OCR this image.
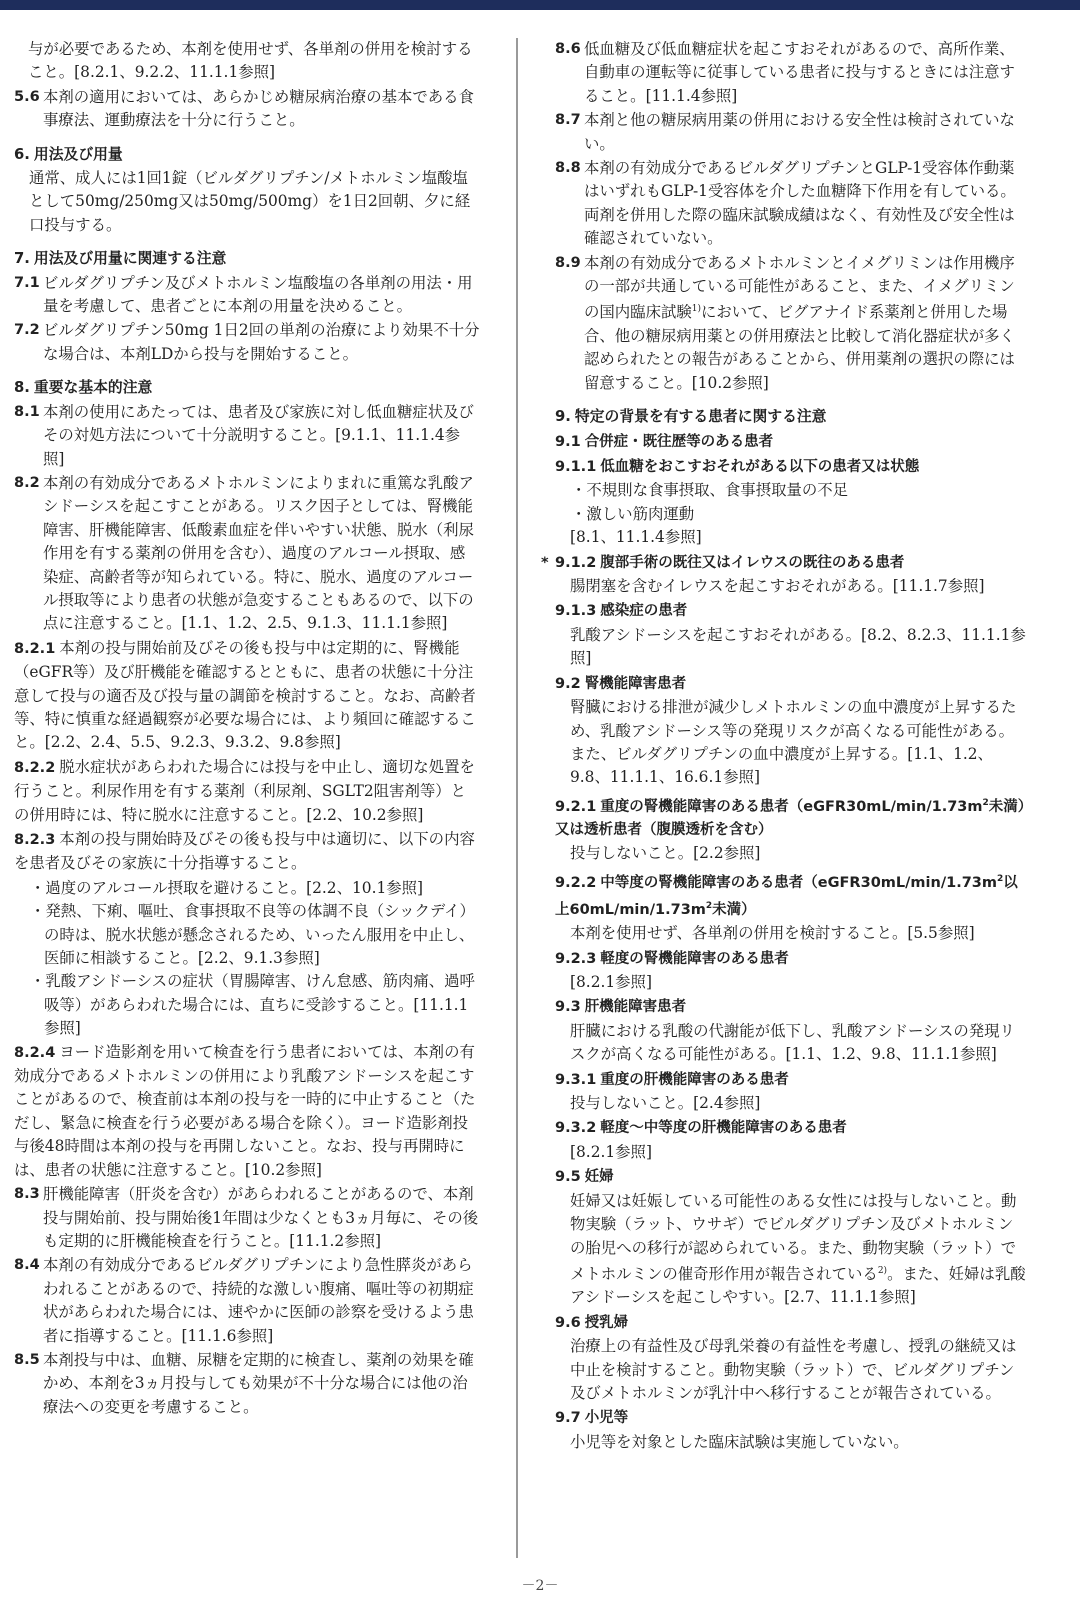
与が必要であるため、本剤を使用せず、各単剤の併用を検討すること。[8.2.1、9.2.2、11.1.1参照]
5.6 本剤の適用においては、あらかじめ糖尿病治療の基本である食事療法、運動療法を十分に行うこと。
6. 用法及び用量
通常、成人には1回1錠（ビルダグリプチン/メトホルミン塩酸塩として50mg/250mg又は50mg/500mg）を1日2回朝、夕に経口投与する。
7. 用法及び用量に関連する注意
7.1 ビルダグリプチン及びメトホルミン塩酸塩の各単剤の用法・用量を考慮して、患者ごとに本剤の用量を決めること。
7.2 ビルダグリプチン50mg 1日2回の単剤の治療により効果不十分な場合は、本剤LDから投与を開始すること。
8. 重要な基本的注意
8.1 本剤の使用にあたっては、患者及び家族に対し低血糖症状及びその対処方法について十分説明すること。[9.1.1、11.1.4参照]
8.2 本剤の有効成分であるメトホルミンによりまれに重篤な乳酸アシドーシスを起こすことがある。リスク因子としては、腎機能障害、肝機能障害、低酸素血症を伴いやすい状態、脱水（利尿作用を有する薬剤の併用を含む）、過度のアルコール摂取、感染症、高齢者等が知られている。特に、脱水、過度のアルコール摂取等により患者の状態が急変することもあるので、以下の点に注意すること。[1.1、1.2、2.5、9.1.3、11.1.1参照]
8.2.1 本剤の投与開始前及びその後も投与中は定期的に、腎機能（eGFR等）及び肝機能を確認するとともに、患者の状態に十分注意して投与の適否及び投与量の調節を検討すること。なお、高齢者等、特に慎重な経過観察が必要な場合には、より頻回に確認すること。[2.2、2.4、5.5、9.2.3、9.3.2、9.8参照]
8.2.2 脱水症状があらわれた場合には投与を中止し、適切な処置を行うこと。利尿作用を有する薬剤（利尿剤、SGLT2阻害剤等）との併用時には、特に脱水に注意すること。[2.2、10.2参照]
8.2.3 本剤の投与開始時及びその後も投与中は適切に、以下の内容を患者及びその家族に十分指導すること。
・過度のアルコール摂取を避けること。[2.2、10.1参照]
・発熱、下痢、嘔吐、食事摂取不良等の体調不良（シックデイ）の時は、脱水状態が懸念されるため、いったん服用を中止し、医師に相談すること。[2.2、9.1.3参照]
・乳酸アシドーシスの症状（胃腸障害、けん怠感、筋肉痛、過呼吸等）があらわれた場合には、直ちに受診すること。[11.1.1参照]
8.2.4 ヨード造影剤を用いて検査を行う患者においては、本剤の有効成分であるメトホルミンの併用により乳酸アシドーシスを起こすことがあるので、検査前は本剤の投与を一時的に中止すること（ただし、緊急に検査を行う必要がある場合を除く）。ヨード造影剤投与後48時間は本剤の投与を再開しないこと。なお、投与再開時には、患者の状態に注意すること。[10.2参照]
8.3 肝機能障害（肝炎を含む）があらわれることがあるので、本剤投与開始前、投与開始後1年間は少なくとも3ヵ月毎に、その後も定期的に肝機能検査を行うこと。[11.1.2参照]
8.4 本剤の有効成分であるビルダグリプチンにより急性膵炎があらわれることがあるので、持続的な激しい腹痛、嘔吐等の初期症状があらわれた場合には、速やかに医師の診察を受けるよう患者に指導すること。[11.1.6参照]
8.5 本剤投与中は、血糖、尿糖を定期的に検査し、薬剤の効果を確かめ、本剤を3ヵ月投与しても効果が不十分な場合には他の治療法への変更を考慮すること。
8.6 低血糖及び低血糖症状を起こすおそれがあるので、高所作業、自動車の運転等に従事している患者に投与するときには注意すること。[11.1.4参照]
8.7 本剤と他の糖尿病用薬の併用における安全性は検討されていない。
8.8 本剤の有効成分であるビルダグリプチンとGLP-1受容体作動薬はいずれもGLP-1受容体を介した血糖降下作用を有している。両剤を併用した際の臨床試験成績はなく、有効性及び安全性は確認されていない。
8.9 本剤の有効成分であるメトホルミンとイメグリミンは作用機序の一部が共通している可能性があること、また、イメグリミンの国内臨床試験$^{1)}$において、ビグアナイド系薬剤と併用した場合、他の糖尿病用薬との併用療法と比較して消化器症状が多く認められたとの報告があることから、併用薬剤の選択の際には留意すること。[10.2参照]
9. 特定の背景を有する患者に関する注意
9.1 合併症・既往歴等のある患者
9.1.1 低血糖をおこすおそれがある以下の患者又は状態
・不規則な食事摂取、食事摂取量の不足
・激しい筋肉運動
[8.1、11.1.4参照]
* 9.1.2 腹部手術の既往又はイレウスの既往のある患者
腸閉塞を含むイレウスを起こすおそれがある。[11.1.7参照]
9.1.3 感染症の患者
乳酸アシドーシスを起こすおそれがある。[8.2、8.2.3、11.1.1参照]
9.2 腎機能障害患者
腎臓における排泄が減少しメトホルミンの血中濃度が上昇するため、乳酸アシドーシス等の発現リスクが高くなる可能性がある。また、ビルダグリプチンの血中濃度が上昇する。[1.1、1.2、9.8、11.1.1、16.6.1参照]
9.2.1 重度の腎機能障害のある患者（$eGFR30mL/\min/1.73m^2$未満）又は透析患者（腹膜透析を含む）
投与しないこと。[2.2参照]
9.2.2 中等度の腎機能障害のある患者（$eGFR30mL/\min/1.73m^2$以上$60mL/\min/1.73m^2$未満）
本剤を使用せず、各単剤の併用を検討すること。[5.5参照]
9.2.3 軽度の腎機能障害のある患者
[8.2.1参照]
9.3 肝機能障害患者
肝臓における乳酸の代謝能が低下し、乳酸アシドーシスの発現リスクが高くなる可能性がある。[1.1、1.2、9.8、11.1.1参照]
9.3.1 重度の肝機能障害のある患者
投与しないこと。[2.4参照]
9.3.2 軽度～中等度の肝機能障害のある患者
[8.2.1参照]
9.5 妊婦
妊婦又は妊娠している可能性のある女性には投与しないこと。動物実験（ラット、ウサギ）でビルダグリプチン及びメトホルミンの胎児への移行が認められている。また、動物実験（ラット）でメトホルミンの催奇形作用が報告されている$^{2)}$。また、妊婦は乳酸アシドーシスを起こしやすい。[2.7、11.1.1参照]
9.6 授乳婦
治療上の有益性及び母乳栄養の有益性を考慮し、授乳の継続又は中止を検討すること。動物実験（ラット）で、ビルダグリプチン及びメトホルミンが乳汁中へ移行することが報告されている。
9.7 小児等
小児等を対象とした臨床試験は実施していない。
－2－
